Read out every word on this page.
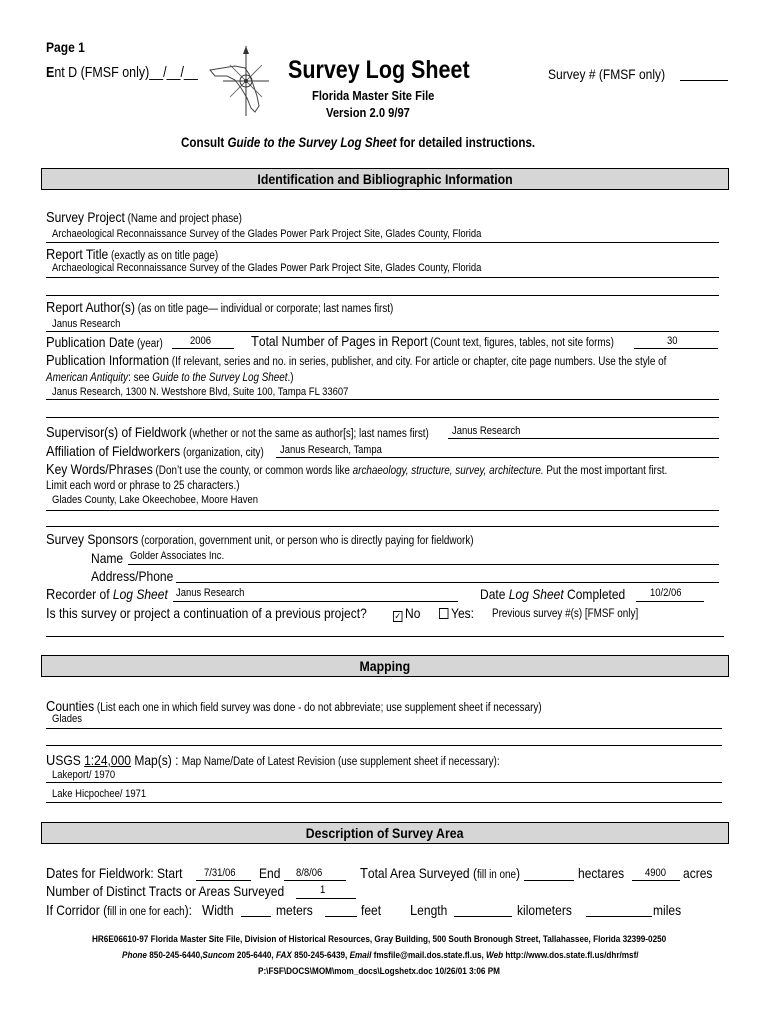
Page 1
Ent D (FMSF only)__/__/__	Survey Log Sheet
Florida Master Site File
Version 2.0 9/97
Survey # (FMSF only)
Consult Guide to the Survey Log Sheet for detailed instructions.
Identification and Bibliographic Information
Survey Project (Name and project phase)
Archaeological Reconnaissance Survey of the Glades Power Park Project Site, Glades County, Florida
Report Title (exactly as on title page)
Archaeological Reconnaissance Survey of the Glades Power Park Project Site, Glades County, Florida
Report Author(s) (as on title page— individual or corporate; last names first)
Janus Research
Publication Date (year)	2006	Total Number of Pages in Report (Count text, figures, tables, not site forms)	30
Publication Information (If relevant, series and no. in series, publisher, and city. For article or chapter, cite page numbers. Use the style of
American Antiquity: see Guide to the Survey Log Sheet.)
Janus Research, 1300 N. Westshore Blvd, Suite 100, Tampa FL 33607
Supervisor(s) of Fieldwork (whether or not the same as author[s]; last names first)	Janus Research
Affiliation of Fieldworkers (organization, city)	Janus Research, Tampa
Key Words/Phrases (Don’t use the county, or common words like archaeology, structure, survey, architecture. Put the most important first.
Limit each word or phrase to 25 characters.)
Glades County, Lake Okeechobee, Moore Haven
Survey Sponsors (corporation, government unit, or person who is directly paying for fieldwork)
Name Golder Associates Inc.
Address/Phone
Recorder of Log Sheet Janus Research	Date Log Sheet Completed	10/2/06
Is this survey or project a continuation of a previous project?	✓ No	Yes:	Previous survey #(s) [FMSF only]
Mapping
Counties (List each one in which field survey was done - do not abbreviate; use supplement sheet if necessary)
Glades
USGS 1:24,000 Map(s) : Map Name/Date of Latest Revision (use supplement sheet if necessary):
Lakeport/ 1970
Lake Hicpochee/ 1971
Description of Survey Area
Dates for Fieldwork: Start	7/31/06	End	8/8/06	Total Area Surveyed (fill in one)	hectares	4900 acres
Number of Distinct Tracts or Areas Surveyed	1
If Corridor (fill in one for each): Width	meters	feet Length	kilometers	miles
HR6E06610-97 Florida Master Site File, Division of Historical Resources, Gray Building, 500 South Bronough Street, Tallahassee, Florida 32399-0250
Phone 850-245-6440,Suncom 205-6440, FAX 850-245-6439, Email fmsfile@mail.dos.state.fl.us, Web http://www.dos.state.fl.us/dhr/msf/
P:\FSF\DOCS\MOM\mom_docs\Logshetx.doc 10/26/01 3:06 PM
